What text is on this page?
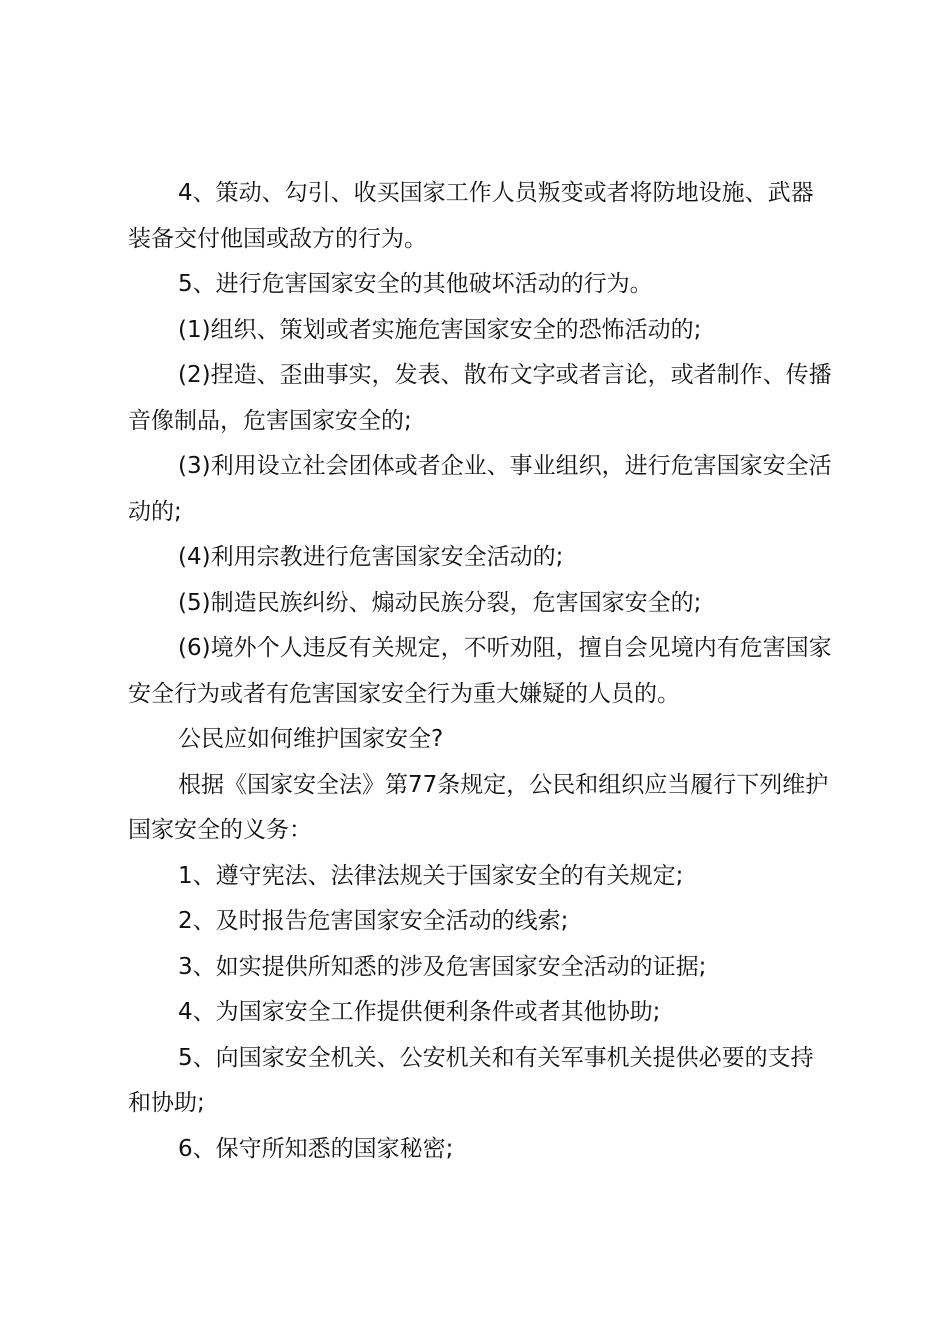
4、策动、勾引、收买国家工作人员叛变或者将防地设施、武器装备交付他国或敌方的行为。

5、进行危害国家安全的其他破坏活动的行为。

(1)组织、策划或者实施危害国家安全的恐怖活动的;

(2)捏造、歪曲事实，发表、散布文字或者言论，或者制作、传播音像制品，危害国家安全的;

(3)利用设立社会团体或者企业、事业组织，进行危害国家安全活动的;

(4)利用宗教进行危害国家安全活动的;

(5)制造民族纠纷、煽动民族分裂，危害国家安全的;

(6)境外个人违反有关规定，不听劝阻，擅自会见境内有危害国家安全行为或者有危害国家安全行为重大嫌疑的人员的。

公民应如何维护国家安全?

根据《国家安全法》第77条规定，公民和组织应当履行下列维护国家安全的义务：

1、遵守宪法、法律法规关于国家安全的有关规定;

2、及时报告危害国家安全活动的线索;

3、如实提供所知悉的涉及危害国家安全活动的证据;

4、为国家安全工作提供便利条件或者其他协助;

5、向国家安全机关、公安机关和有关军事机关提供必要的支持和协助;

6、保守所知悉的国家秘密;
